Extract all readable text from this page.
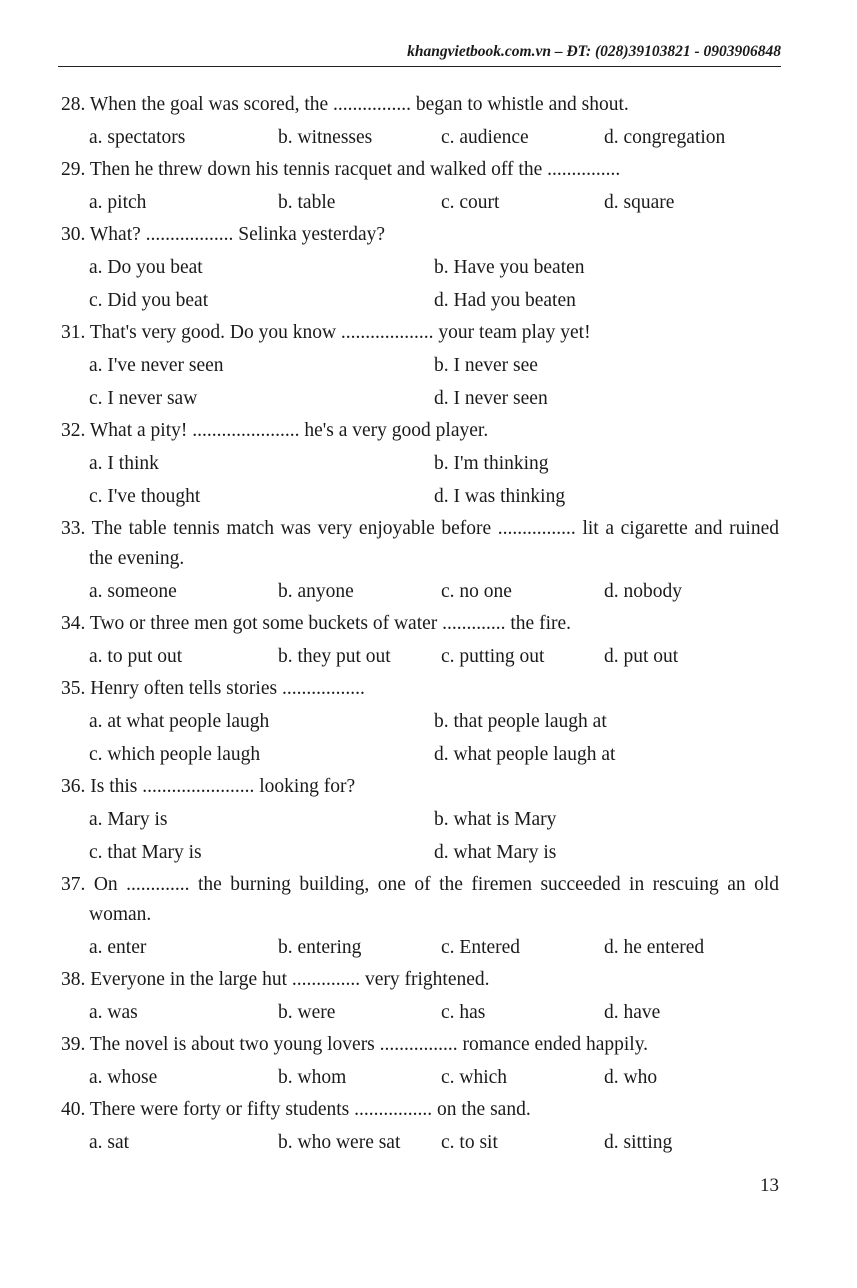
khangvietbook.com.vn – ĐT: (028)39103821 - 0903906848

28. When the goal was scored, the ................ began to whistle and shout.

a. spectators	b. witnesses	c. audience	d. congregation

29. Then he threw down his tennis racquet and walked off the ...............

a. pitch	b. table	c. court	d. square

30. What? .................. Selinka yesterday?

a. Do you beat	b. Have you beaten
c. Did you beat	d. Had you beaten

31. That's very good. Do you know ................... your team play yet!

a. I've never seen	b. I never see
c. I never saw	d. I never seen

32. What a pity! ...................... he's a very good player.

a. I think	b. I'm thinking
c. I've thought	d. I was thinking

33. The table tennis match was very enjoyable before ................ lit a cigarette and ruined the evening.

a. someone	b. anyone	c. no one	d. nobody

34. Two or three men got some buckets of water ............. the fire.

a. to put out	b. they put out	c. putting out	d. put out

35. Henry often tells stories .................

a. at what people laugh	b. that people laugh at
c. which people laugh	d. what people laugh at

36. Is this ....................... looking for?

a. Mary is	b. what is Mary
c. that Mary is	d. what Mary is

37. On ............. the burning building, one of the firemen succeeded in rescuing an old woman.

a. enter	b. entering	c. Entered	d. he entered

38. Everyone in the large hut .............. very frightened.

a. was	b. were	c. has	d. have

39. The novel is about two young lovers ................ romance ended happily.

a. whose	b. whom	c. which	d. who

40. There were forty or fifty students ................ on the sand.

a. sat	b. who were sat	c. to sit	d. sitting
13
